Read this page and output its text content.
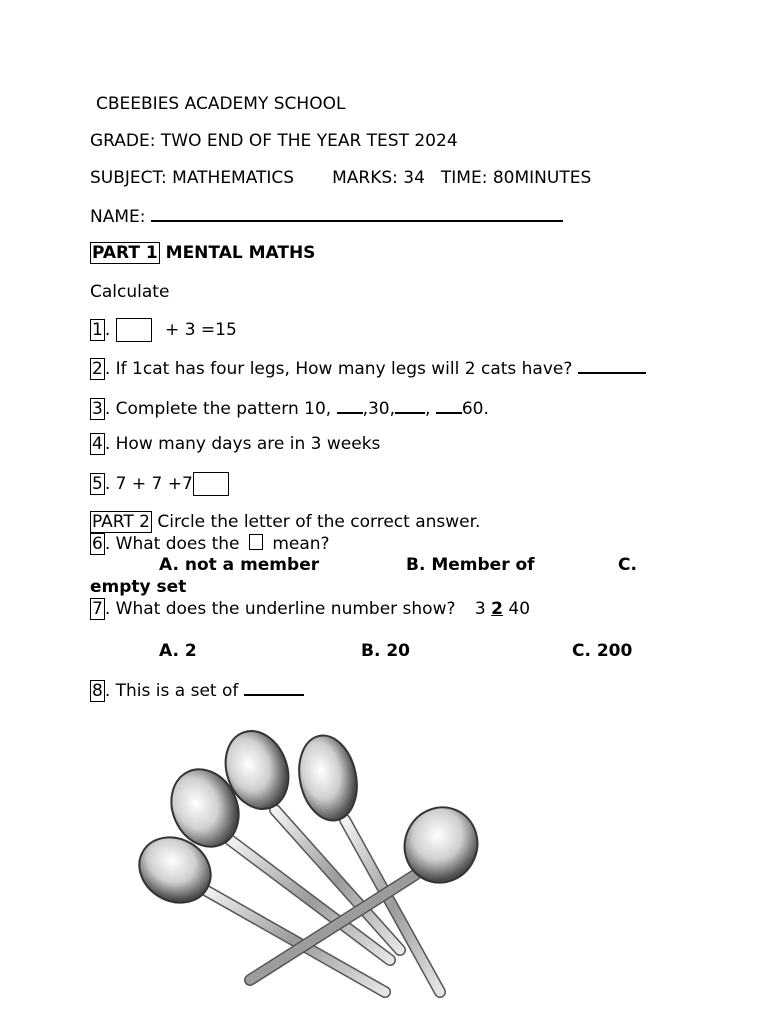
CBEEBIES ACADEMY SCHOOL
GRADE: TWO END OF THE YEAR TEST 2024
SUBJECT: MATHEMATICS MARKS: 34 TIME: 80MINUTES
NAME:
PART 1 MENTAL MATHS
Calculate
1 .	+ 3 =15
2 . If 1cat has four legs, How many legs will 2 cats have?
3 . Complete the pattern 10, ,30, , 60.
4 . How many days are in 3 weeks
5 . 7 + 7 +7
PART 2 Circle the letter of the correct answer.
6 . What does the mean?
A. not a member	B. Member of	C.
empty set
7 . What does the underline number show? 3 2 40
A. 2	B. 20	C. 200
8 . This is a set of
